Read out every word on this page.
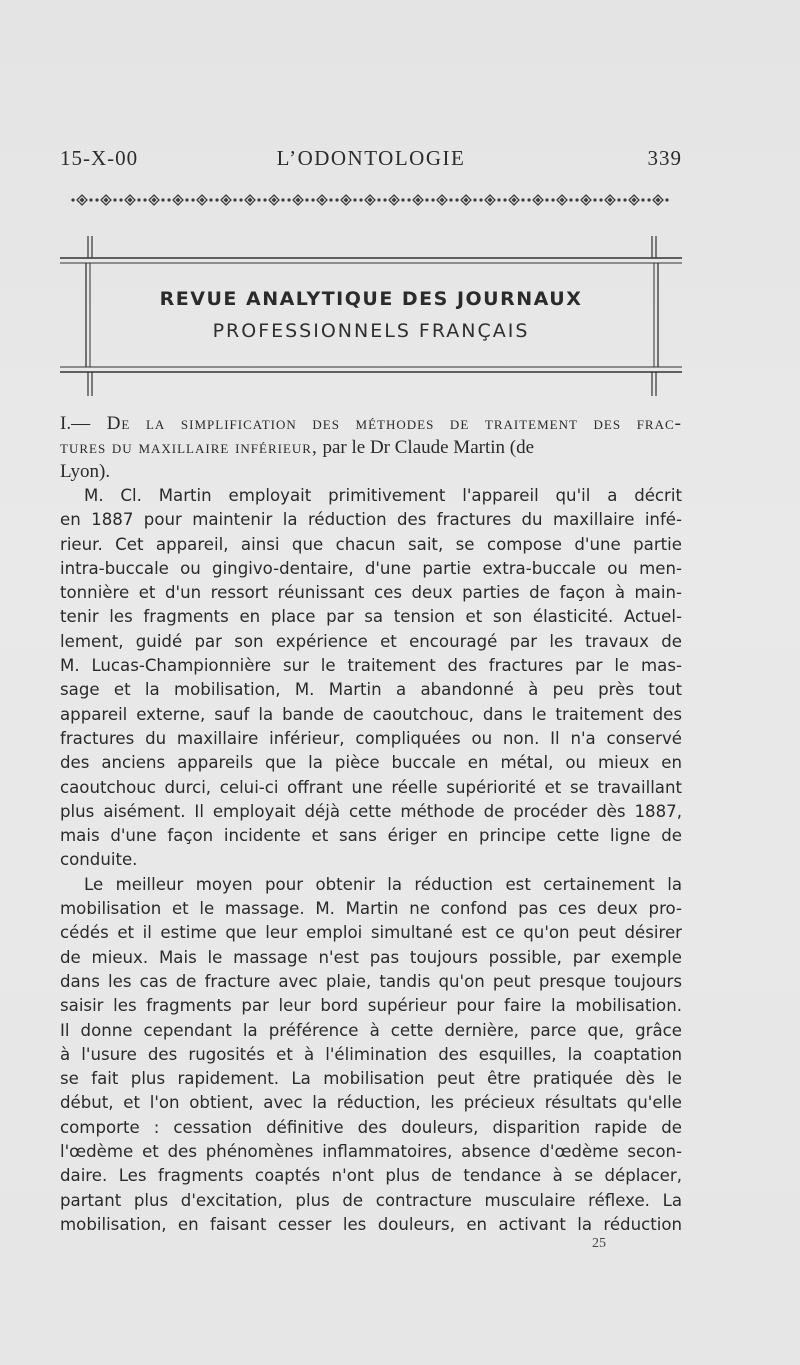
15-X-00	L’ODONTOLOGIE	339
REVUE ANALYTIQUE DES JOURNAUX
PROFESSIONNELS FRANÇAIS
I.— De la simplification des méthodes de traitement des frac-
tures du maxillaire inférieur, par le Dr Claude Martin (de
Lyon).
M. Cl. Martin employait primitivement l'appareil qu'il a décrit
en 1887 pour maintenir la réduction des fractures du maxillaire infé-
rieur. Cet appareil, ainsi que chacun sait, se compose d'une partie
intra-buccale ou gingivo-dentaire, d'une partie extra-buccale ou men-
tonnière et d'un ressort réunissant ces deux parties de façon à main-
tenir les fragments en place par sa tension et son élasticité. Actuel-
lement, guidé par son expérience et encouragé par les travaux de
M. Lucas-Championnière sur le traitement des fractures par le mas-
sage et la mobilisation, M. Martin a abandonné à peu près tout
appareil externe, sauf la bande de caoutchouc, dans le traitement des
fractures du maxillaire inférieur, compliquées ou non. Il n'a conservé
des anciens appareils que la pièce buccale en métal, ou mieux en
caoutchouc durci, celui-ci offrant une réelle supériorité et se travaillant
plus aisément. Il employait déjà cette méthode de procéder dès 1887,
mais d'une façon incidente et sans ériger en principe cette ligne de
conduite.
Le meilleur moyen pour obtenir la réduction est certainement la
mobilisation et le massage. M. Martin ne confond pas ces deux pro-
cédés et il estime que leur emploi simultané est ce qu'on peut désirer
de mieux. Mais le massage n'est pas toujours possible, par exemple
dans les cas de fracture avec plaie, tandis qu'on peut presque toujours
saisir les fragments par leur bord supérieur pour faire la mobilisation.
Il donne cependant la préférence à cette dernière, parce que, grâce
à l'usure des rugosités et à l'élimination des esquilles, la coaptation
se fait plus rapidement. La mobilisation peut être pratiquée dès le
début, et l'on obtient, avec la réduction, les précieux résultats qu'elle
comporte : cessation définitive des douleurs, disparition rapide de
l'œdème et des phénomènes inflammatoires, absence d'œdème secon-
daire. Les fragments coaptés n'ont plus de tendance à se déplacer,
partant plus d'excitation, plus de contracture musculaire réflexe. La
mobilisation, en faisant cesser les douleurs, en activant la réduction
25
